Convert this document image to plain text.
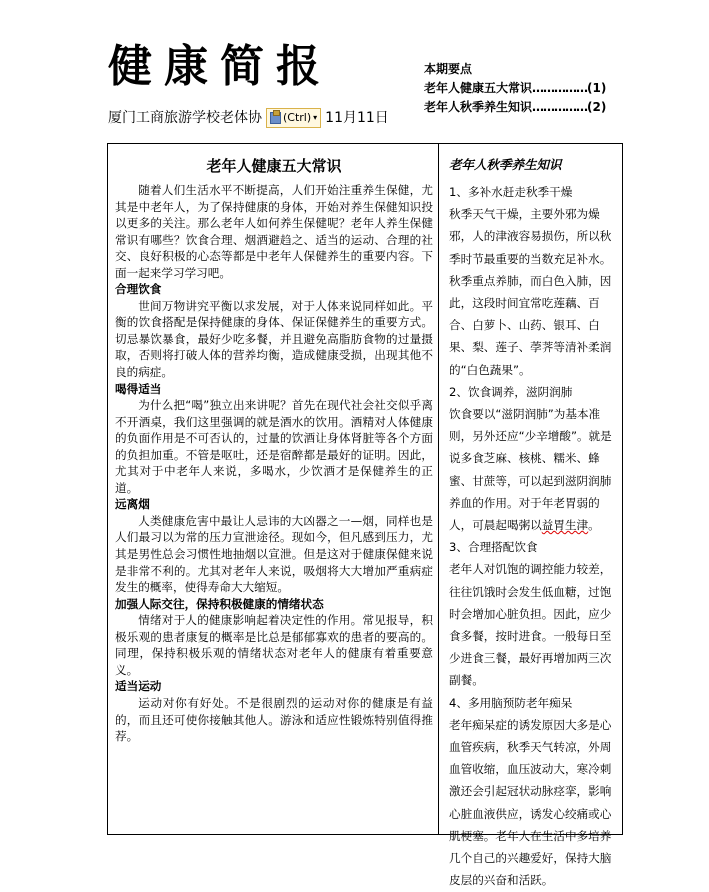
健康简报
厦门工商旅游学校老体协 (Ctrl) ▾ 11月11日
本期要点
老年人健康五大常识……………(1)
老年人秋季养生知识……………(2)
老年人健康五大常识

随着人们生活水平不断提高，人们开始注重养生保健，尤其是中老年人，为了保持健康的身体，开始对养生保健知识投以更多的关注。那么老年人如何养生保健呢？老年人养生保健常识有哪些？饮食合理、烟酒避趋之、适当的运动、合理的社交、良好积极的心态等都是中老年人保健养生的重要内容。下面一起来学习学习吧。

合理饮食

世间万物讲究平衡以求发展，对于人体来说同样如此。平衡的饮食搭配是保持健康的身体、保证保健养生的重要方式。切忌暴饮暴食，最好少吃多餐，并且避免高脂肪食物的过量摄取，否则将打破人体的营养均衡，造成健康受损，出现其他不良的病症。

喝得适当

为什么把“喝”独立出来讲呢？首先在现代社会社交似乎离不开酒桌，我们这里强调的就是酒水的饮用。酒精对人体健康的负面作用是不可否认的，过量的饮酒让身体肾脏等各个方面的负担加重。不管是呕吐，还是宿醉都是最好的证明。因此，尤其对于中老年人来说，多喝水，少饮酒才是保健养生的正道。

远离烟

人类健康危害中最让人忌讳的大凶器之一—烟，同样也是人们最习以为常的压力宣泄途径。现如今，但凡感到压力，尤其是男性总会习惯性地抽烟以宣泄。但是这对于健康保健来说是非常不利的。尤其对老年人来说，吸烟将大大增加严重病症发生的概率，使得寿命大大缩短。

加强人际交往，保持积极健康的情绪状态

情绪对于人的健康影响起着决定性的作用。常见报导，积极乐观的患者康复的概率是比总是郁郁寡欢的患者的要高的。同理，保持积极乐观的情绪状态对老年人的健康有着重要意义。

适当运动

运动对你有好处。不是很剧烈的运动对你的健康是有益的，而且还可使你接触其他人。游泳和适应性锻炼特别值得推荐。

老年人秋季养生知识

1、多补水赶走秋季干燥

秋季天气干燥，主要外邪为燥邪，人的津液容易损伤，所以秋季时节最重要的当数充足补水。秋季重点养肺，而白色入肺，因此，这段时间宜常吃莲藕、百合、白萝卜、山药、银耳、白果、梨、莲子、荸荠等清补柔润的“白色蔬果”。

2、饮食调养，滋阴润肺

饮食要以“滋阴润肺”为基本准则，另外还应“少辛增酸”。就是说多食芝麻、核桃、糯米、蜂蜜、甘蔗等，可以起到滋阴润肺养血的作用。对于年老胃弱的人，可晨起喝粥以益胃生津。

3、合理搭配饮食

老年人对饥饱的调控能力较差，往往饥饿时会发生低血糖，过饱时会增加心脏负担。因此，应少食多餐，按时进食。一般每日至少进食三餐，最好再增加两三次副餐。

4、多用脑预防老年痴呆

老年痴呆症的诱发原因大多是心血管疾病，秋季天气转凉，外周血管收缩，血压波动大，寒冷刺激还会引起冠状动脉痉挛，影响心脏血液供应，诱发心绞痛或心肌梗塞。老年人在生活中多培养几个自己的兴趣爱好，保持大脑皮层的兴奋和活跃。
